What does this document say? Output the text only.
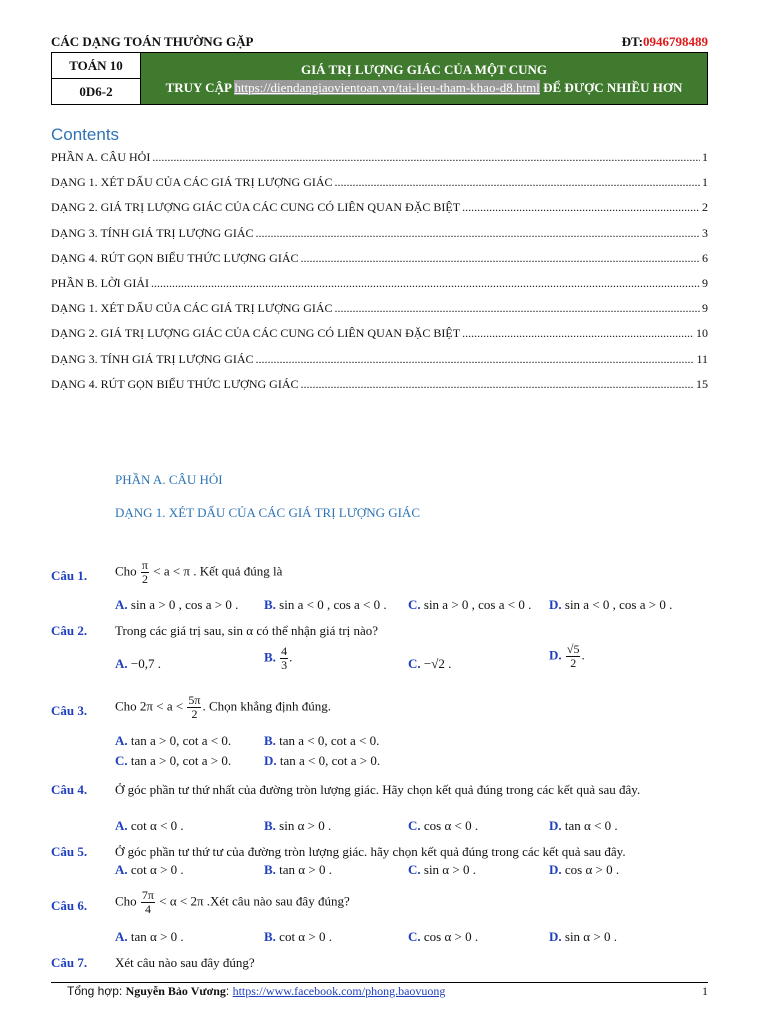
CÁC DẠNG TOÁN THƯỜNG GẶP	ĐT:0946798489
TOÁN 10	GIÁ TRỊ LƯỢNG GIÁC CỦA MỘT CUNG
TRUY CẬP https://diendangiaovientoan.vn/tai-lieu-tham-khao-d8.html ĐỂ ĐƯỢC NHIỀU HƠN

0D6-2
Contents
PHẦN A. CÂU HỎI .....	1
DẠNG 1. XÉT DẤU CỦA CÁC GIÁ TRỊ LƯỢNG GIÁC .....	1
DẠNG 2. GIÁ TRỊ LƯỢNG GIÁC CỦA CÁC CUNG CÓ LIÊN QUAN ĐẶC BIỆT .....	2
DẠNG 3. TÍNH GIÁ TRỊ LƯỢNG GIÁC .....	3
DẠNG 4. RÚT GỌN BIỂU THỨC LƯỢNG GIÁC .....	6
PHẦN B. LỜI GIẢI .....	9
DẠNG 1. XÉT DẤU CỦA CÁC GIÁ TRỊ LƯỢNG GIÁC .....	9
DẠNG 2. GIÁ TRỊ LƯỢNG GIÁC CỦA CÁC CUNG CÓ LIÊN QUAN ĐẶC BIỆT .....	10
DẠNG 3. TÍNH GIÁ TRỊ LƯỢNG GIÁC .....	11
DẠNG 4. RÚT GỌN BIỂU THỨC LƯỢNG GIÁC .....	15
PHẦN A. CÂU HỎI
DẠNG 1. XÉT DẤU CỦA CÁC GIÁ TRỊ LƯỢNG GIÁC
Câu 1. Cho $\frac{\pi}{2} < a < \pi$ . Kết quả đúng là
A. sin a > 0 , cos a > 0 . B. sin a < 0 , cos a < 0 . C. sin a > 0 , cos a < 0 . D. sin a < 0 , cos a > 0 .
Câu 2. Trong các giá trị sau, sin α có thể nhận giá trị nào?
A. −0,7 .	B. $\frac{4}{3}$ .	C. −√2 .
D. $\frac{√5}{2}$ .
Câu 3. Cho $2\pi < a < \frac{5\pi}{2}$ . Chọn khẳng định đúng.
A. tan a > 0, cot a < 0.	B. tan a < 0, cot a < 0.
C. tan a > 0, cot a > 0.	D. tan a < 0, cot a > 0.
Câu 4. Ở góc phần tư thứ nhất của đường tròn lượng giác. Hãy chọn kết quả đúng trong các kết quả sau đây.
A. cot α < 0 .	B. sin α > 0 .	C. cos α < 0 .	D. tan α < 0 .
Câu 5. Ở góc phần tư thứ tư của đường tròn lượng giác. hãy chọn kết quả đúng trong các kết quả sau đây.
A. cot α > 0 .	B. tan α > 0 .	C. sin α > 0 .	D. cos α > 0 .
Câu 6. Cho $\frac{7\pi}{4} < \alpha < 2\pi$ .Xét câu nào sau đây đúng?
A. tan α > 0 .	B. cot α > 0 .	C. cos α > 0 .	D. sin α > 0 .
Câu 7. Xét câu nào sau đây đúng?
Tổng hợp: Nguyễn Bảo Vương: https://www.facebook.com/phong.baovuong	1
